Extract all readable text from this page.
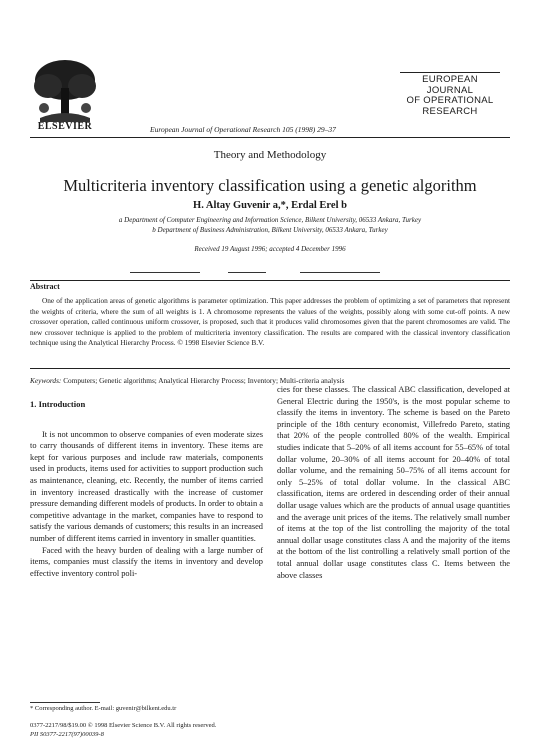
ELSEVIER	European Journal of Operational Research 105 (1998) 29–37
EUROPEAN
JOURNAL
OF OPERATIONAL
RESEARCH
Theory and Methodology
Multicriteria inventory classification using a genetic algorithm
H. Altay Guvenir a,*, Erdal Erel b
a Department of Computer Engineering and Information Science, Bilkent University, 06533 Ankara, Turkey
b Department of Business Administration, Bilkent University, 06533 Ankara, Turkey
Received 19 August 1996; accepted 4 December 1996
Abstract
One of the application areas of genetic algorithms is parameter optimization. This paper addresses the problem of optimizing a set of parameters that represent the weights of criteria, where the sum of all weights is 1. A chromosome represents the values of the weights, possibly along with some cut-off points. A new crossover operation, called continuous uniform crossover, is proposed, such that it produces valid chromosomes given that the parent chromosomes are valid. The new crossover technique is applied to the problem of multicriteria inventory classification. The results are compared with the classical inventory classification technique using the Analytical Hierarchy Process. © 1998 Elsevier Science B.V.
Keywords: Computers; Genetic algorithms; Analytical Hierarchy Process; Inventory; Multi-criteria analysis
1. Introduction
It is not uncommon to observe companies of even moderate sizes to carry thousands of different items in inventory. These items are kept for various purposes and include raw materials, components used in products, items used for activities to support production such as maintenance, cleaning, etc. Recently, the number of items carried in inventory increased drastically with the increase of customer pressure demanding different models of products. In order to obtain a competitive advantage in the market, companies have to respond to satisfy the various demands of customers; this results in an increased number of different items carried in inventory in smaller quantities.
Faced with the heavy burden of dealing with a large number of items, companies must classify the items in inventory and develop effective inventory control poli-
cies for these classes. The classical ABC classification, developed at General Electric during the 1950's, is the most popular scheme to classify the items in inventory. The scheme is based on the Pareto principle of the 18th century economist, Villefredo Pareto, stating that 20% of the people controlled 80% of the wealth. Empirical studies indicate that 5–20% of all items account for 55–65% of total dollar volume, 20–30% of all items account for 20–40% of total dollar volume, and the remaining 50–75% of all items account for only 5–25% of total dollar volume. In the classical ABC classification, items are ordered in descending order of their annual dollar usage values which are the products of annual usage quantities and the average unit prices of the items. The relatively small number of items at the top of the list controlling the majority of the total annual dollar usage constitutes class A and the majority of the items at the bottom of the list controlling a relatively small portion of the total annual dollar usage constitutes class C. Items between the above classes
* Corresponding author. E-mail: guvenir@bilkent.edu.tr
0377-2217/98/$19.00 © 1998 Elsevier Science B.V. All rights reserved.
PII S0377-2217(97)00039-8
